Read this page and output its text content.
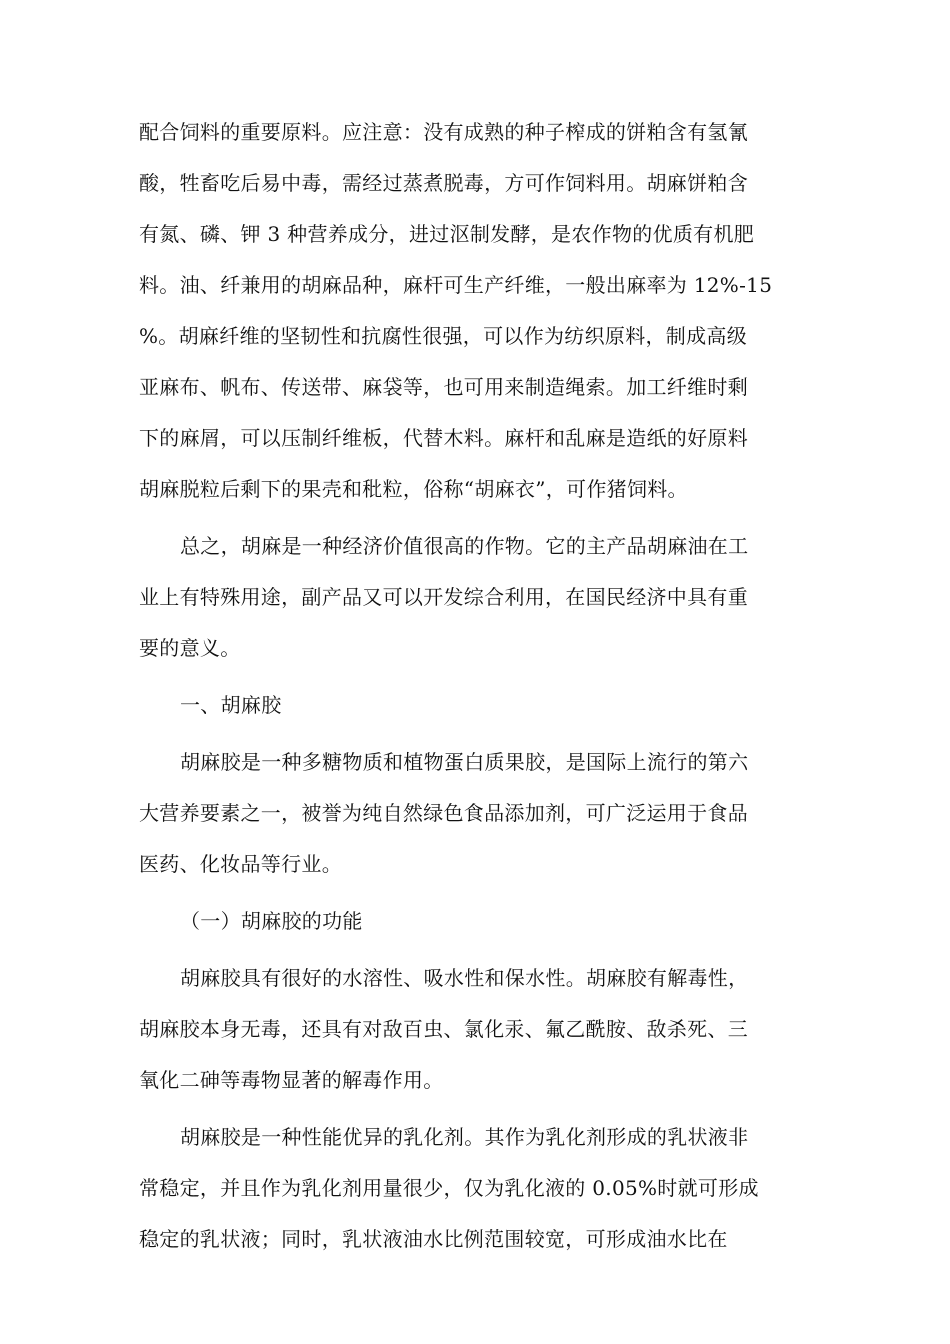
配合饲料的重要原料。应注意：没有成熟的种子榨成的饼粕含有氢氰
酸，牲畜吃后易中毒，需经过蒸煮脱毒，方可作饲料用。胡麻饼粕含
有氮、磷、钾 3 种营养成分，进过沤制发酵，是农作物的优质有机肥
料。油、纤兼用的胡麻品种，麻杆可生产纤维，一般出麻率为 12%-15
%。胡麻纤维的坚韧性和抗腐性很强，可以作为纺织原料，制成高级
亚麻布、帆布、传送带、麻袋等，也可用来制造绳索。加工纤维时剩
下的麻屑，可以压制纤维板，代替木料。麻杆和乱麻是造纸的好原料
胡麻脱粒后剩下的果壳和秕粒，俗称“胡麻衣”，可作猪饲料。

总之，胡麻是一种经济价值很高的作物。它的主产品胡麻油在工
业上有特殊用途，副产品又可以开发综合利用，在国民经济中具有重
要的意义。

一、胡麻胶

胡麻胶是一种多糖物质和植物蛋白质果胶，是国际上流行的第六
大营养要素之一，被誉为纯自然绿色食品添加剂，可广泛运用于食品
医药、化妆品等行业。

（一）胡麻胶的功能

胡麻胶具有很好的水溶性、吸水性和保水性。胡麻胶有解毒性，
胡麻胶本身无毒，还具有对敌百虫、氯化汞、氟乙酰胺、敌杀死、三
氧化二砷等毒物显著的解毒作用。

胡麻胶是一种性能优异的乳化剂。其作为乳化剂形成的乳状液非
常稳定，并且作为乳化剂用量很少，仅为乳化液的 0.05%时就可形成
稳定的乳状液；同时，乳状液油水比例范围较宽，可形成油水比在
